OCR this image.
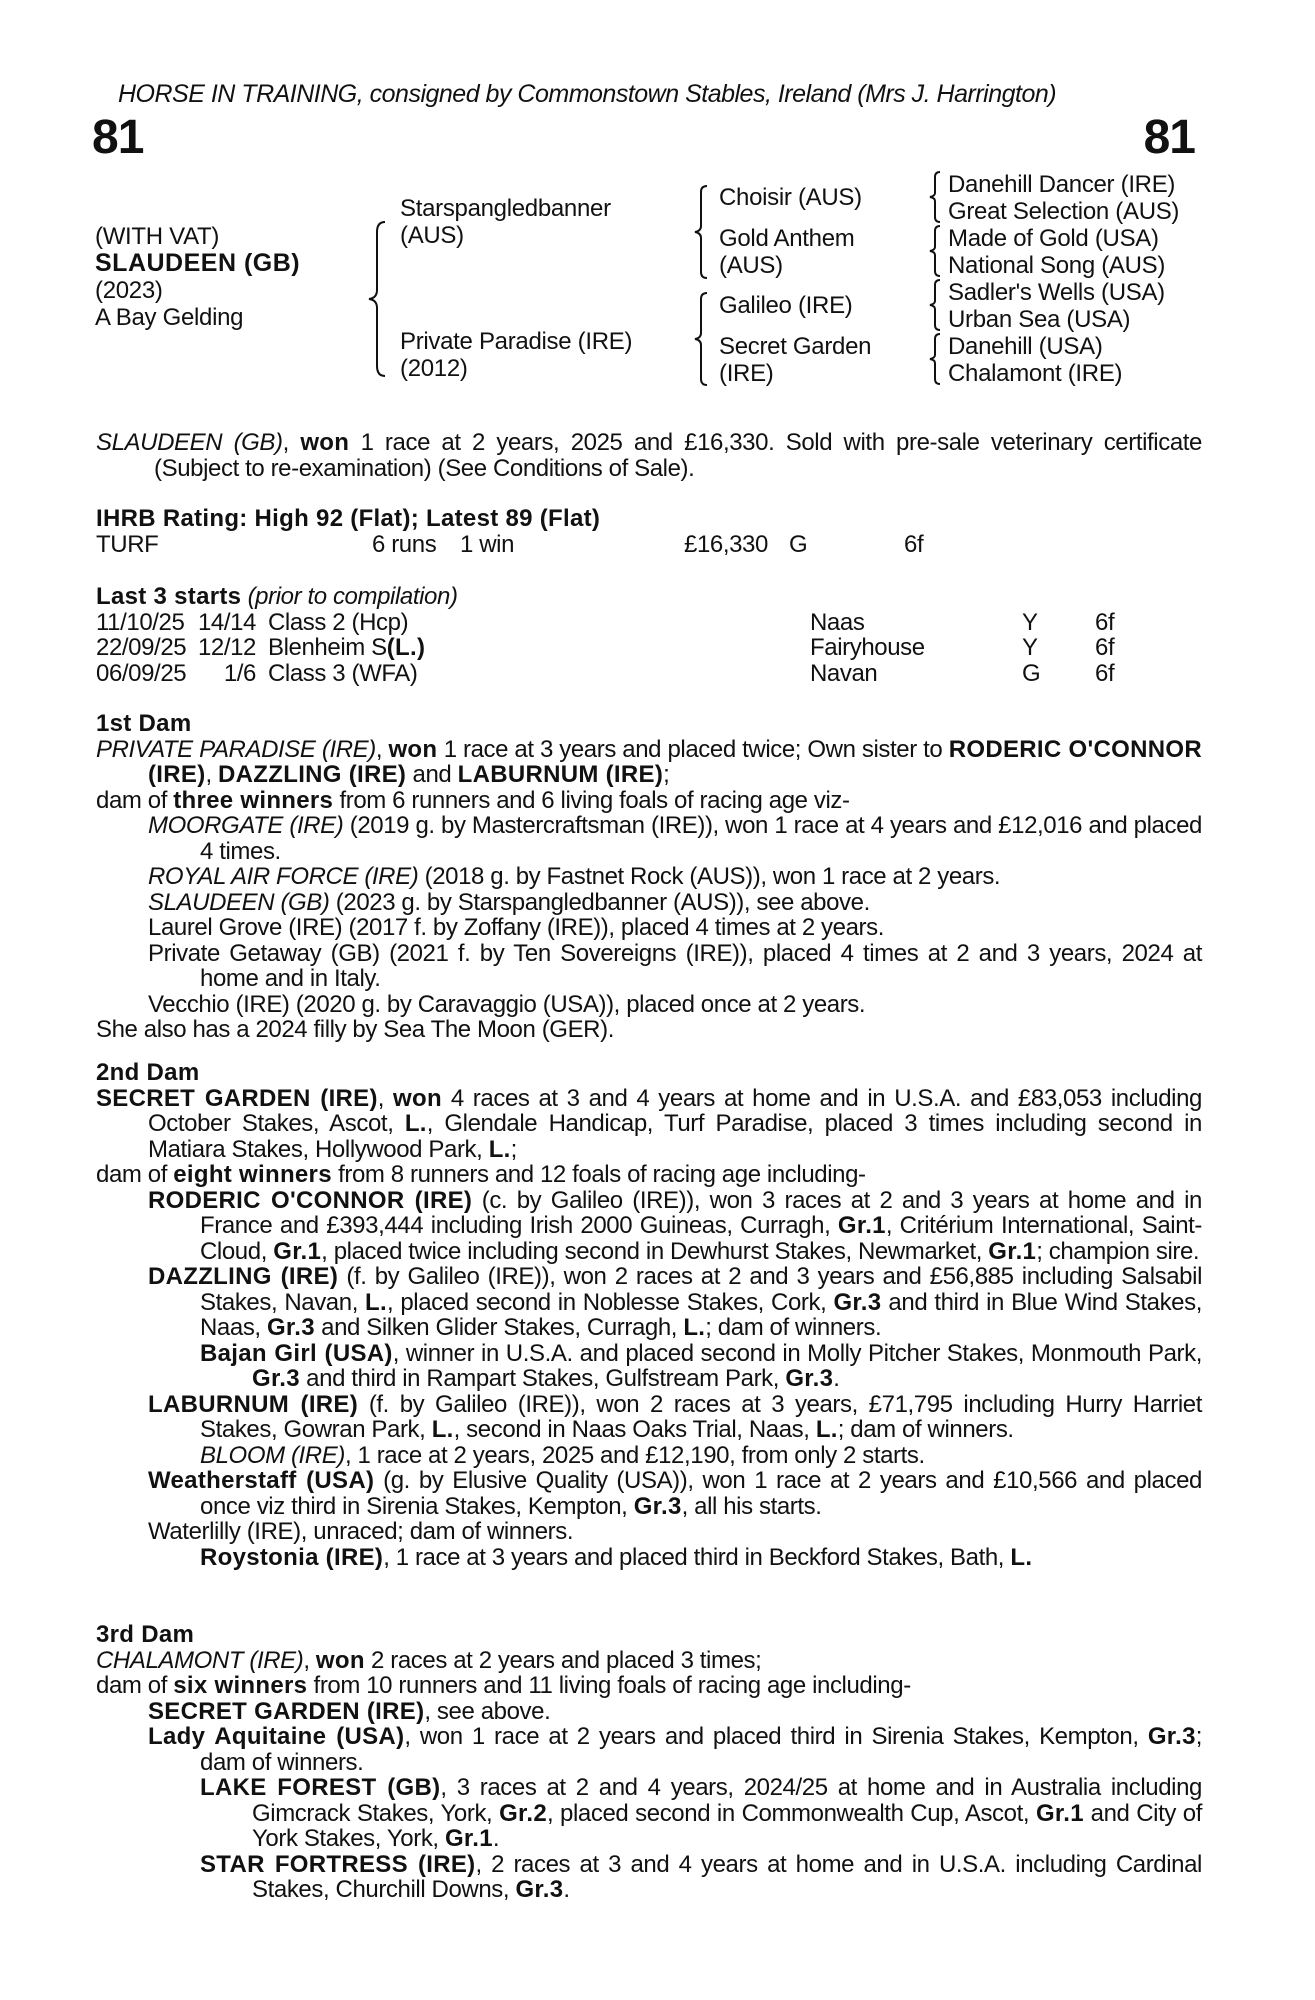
HORSE IN TRAINING, consigned by Commonstown Stables, Ireland (Mrs J. Harrington)
81	81
(WITH VAT)
SLAUDEEN (GB)
(2023)
A Bay Gelding
Starspangledbanner
(AUS)
Private Paradise (IRE)
(2012)
Choisir (AUS)
Gold Anthem
(AUS)
Galileo (IRE)
Secret Garden
(IRE)
Danehill Dancer (IRE)
Great Selection (AUS)
Made of Gold (USA)
National Song (AUS)
Sadler's Wells (USA)
Urban Sea (USA)
Danehill (USA)
Chalamont (IRE)

SLAUDEEN (GB), won 1 race at 2 years, 2025 and £16,330. Sold with pre-sale veterinary certificate (Subject to re-examination) (See Conditions of Sale).

IHRB Rating: High 92 (Flat); Latest 89 (Flat)

TURF	6 runs 1 win	£16,330 G	6f

Last 3 starts (prior to compilation)

11/10/25 14/14 Class 2 (Hcp)	Naas	Y	6f
22/09/25 12/12 Blenheim S(L.)	Fairyhouse	Y	6f
06/09/25	1/6 Class 3 (WFA)	Navan	G	6f

1st Dam

PRIVATE PARADISE (IRE), won 1 race at 3 years and placed twice; Own sister to RODERIC O'CONNOR (IRE), DAZZLING (IRE) and LABURNUM (IRE);

dam of three winners from 6 runners and 6 living foals of racing age viz-

MOORGATE (IRE) (2019 g. by Mastercraftsman (IRE)), won 1 race at 4 years and £12,016 and placed 4 times.

ROYAL AIR FORCE (IRE) (2018 g. by Fastnet Rock (AUS)), won 1 race at 2 years.

SLAUDEEN (GB) (2023 g. by Starspangledbanner (AUS)), see above.

Laurel Grove (IRE) (2017 f. by Zoffany (IRE)), placed 4 times at 2 years.

Private Getaway (GB) (2021 f. by Ten Sovereigns (IRE)), placed 4 times at 2 and 3 years, 2024 at home and in Italy.

Vecchio (IRE) (2020 g. by Caravaggio (USA)), placed once at 2 years.

She also has a 2024 filly by Sea The Moon (GER).

2nd Dam

SECRET GARDEN (IRE), won 4 races at 3 and 4 years at home and in U.S.A. and £83,053 including October Stakes, Ascot, L., Glendale Handicap, Turf Paradise, placed 3 times including second in Matiara Stakes, Hollywood Park, L.;

dam of eight winners from 8 runners and 12 foals of racing age including-

RODERIC O'CONNOR (IRE) (c. by Galileo (IRE)), won 3 races at 2 and 3 years at home and in France and £393,444 including Irish 2000 Guineas, Curragh, Gr.1, Critérium International, Saint-Cloud, Gr.1, placed twice including second in Dewhurst Stakes, Newmarket, Gr.1; champion sire.

DAZZLING (IRE) (f. by Galileo (IRE)), won 2 races at 2 and 3 years and £56,885 including Salsabil Stakes, Navan, L., placed second in Noblesse Stakes, Cork, Gr.3 and third in Blue Wind Stakes, Naas, Gr.3 and Silken Glider Stakes, Curragh, L.; dam of winners.

Bajan Girl (USA), winner in U.S.A. and placed second in Molly Pitcher Stakes, Monmouth Park, Gr.3 and third in Rampart Stakes, Gulfstream Park, Gr.3.

LABURNUM (IRE) (f. by Galileo (IRE)), won 2 races at 3 years, £71,795 including Hurry Harriet Stakes, Gowran Park, L., second in Naas Oaks Trial, Naas, L.; dam of winners.

BLOOM (IRE), 1 race at 2 years, 2025 and £12,190, from only 2 starts.

Weatherstaff (USA) (g. by Elusive Quality (USA)), won 1 race at 2 years and £10,566 and placed once viz third in Sirenia Stakes, Kempton, Gr.3, all his starts.

Waterlilly (IRE), unraced; dam of winners.

Roystonia (IRE), 1 race at 3 years and placed third in Beckford Stakes, Bath, L.

3rd Dam

CHALAMONT (IRE), won 2 races at 2 years and placed 3 times;

dam of six winners from 10 runners and 11 living foals of racing age including-

SECRET GARDEN (IRE), see above.

Lady Aquitaine (USA), won 1 race at 2 years and placed third in Sirenia Stakes, Kempton, Gr.3; dam of winners.

LAKE FOREST (GB), 3 races at 2 and 4 years, 2024/25 at home and in Australia including Gimcrack Stakes, York, Gr.2, placed second in Commonwealth Cup, Ascot, Gr.1 and City of York Stakes, York, Gr.1.

STAR FORTRESS (IRE), 2 races at 3 and 4 years at home and in U.S.A. including Cardinal Stakes, Churchill Downs, Gr.3.
